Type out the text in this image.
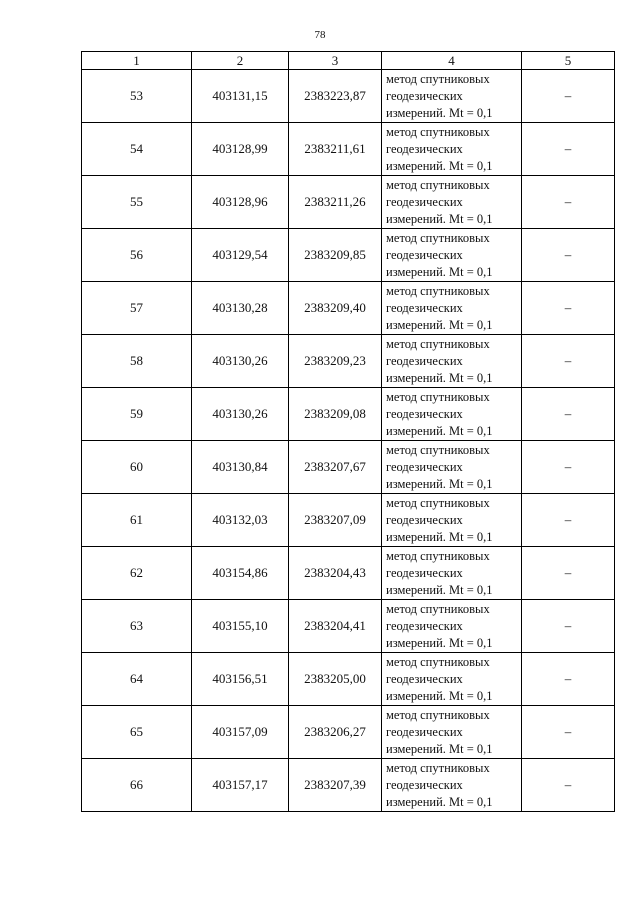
78
1	2	3	4	5
53	403131,15	2383223,87	метод спутниковых
геодезических
измерений. Mt = 0,1	–
54	403128,99	2383211,61	метод спутниковых
геодезических
измерений. Mt = 0,1	–
55	403128,96	2383211,26	метод спутниковых
геодезических
измерений. Mt = 0,1	–
56	403129,54	2383209,85	метод спутниковых
геодезических
измерений. Mt = 0,1	–
57	403130,28	2383209,40	метод спутниковых
геодезических
измерений. Mt = 0,1	–
58	403130,26	2383209,23	метод спутниковых
геодезических
измерений. Mt = 0,1	–
59	403130,26	2383209,08	метод спутниковых
геодезических
измерений. Mt = 0,1	–
60	403130,84	2383207,67	метод спутниковых
геодезических
измерений. Mt = 0,1	–
61	403132,03	2383207,09	метод спутниковых
геодезических
измерений. Mt = 0,1	–
62	403154,86	2383204,43	метод спутниковых
геодезических
измерений. Mt = 0,1	–
63	403155,10	2383204,41	метод спутниковых
геодезических
измерений. Mt = 0,1	–
64	403156,51	2383205,00	метод спутниковых
геодезических
измерений. Mt = 0,1	–
65	403157,09	2383206,27	метод спутниковых
геодезических
измерений. Mt = 0,1	–
66	403157,17	2383207,39	метод спутниковых
геодезических
измерений. Mt = 0,1	–
